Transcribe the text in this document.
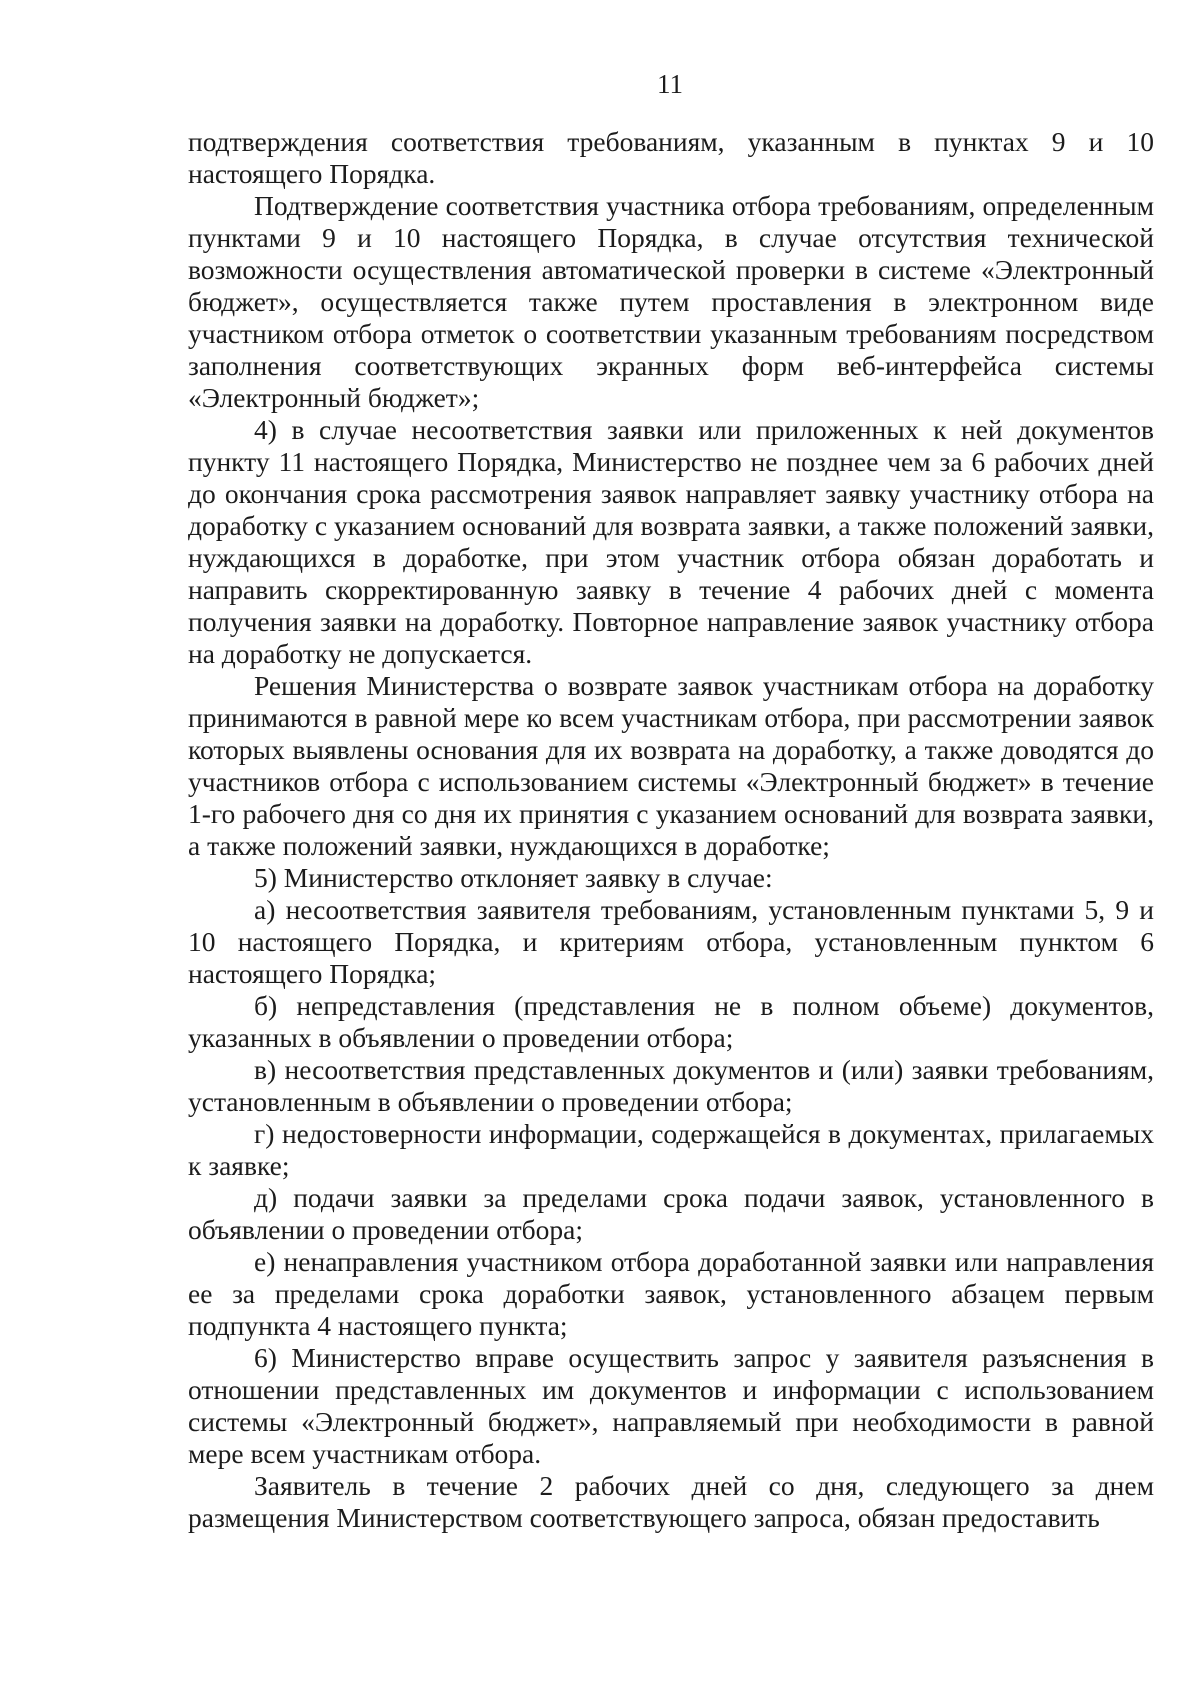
11

подтверждения соответствия требованиям, указанным в пунктах 9 и 10 настоящего Порядка.

Подтверждение соответствия участника отбора требованиям, определенным пунктами 9 и 10 настоящего Порядка, в случае отсутствия технической возможности осуществления автоматической проверки в системе «Электронный бюджет», осуществляется также путем проставления в электронном виде участником отбора отметок о соответствии указанным требованиям посредством заполнения соответствующих экранных форм веб-интерфейса системы «Электронный бюджет»;

4) в случае несоответствия заявки или приложенных к ней документов пункту 11 настоящего Порядка, Министерство не позднее чем за 6 рабочих дней до окончания срока рассмотрения заявок направляет заявку участнику отбора на доработку с указанием оснований для возврата заявки, а также положений заявки, нуждающихся в доработке, при этом участник отбора обязан доработать и направить скорректированную заявку в течение 4 рабочих дней с момента получения заявки на доработку. Повторное направление заявок участнику отбора на доработку не допускается.

Решения Министерства о возврате заявок участникам отбора на доработку принимаются в равной мере ко всем участникам отбора, при рассмотрении заявок которых выявлены основания для их возврата на доработку, а также доводятся до участников отбора с использованием системы «Электронный бюджет» в течение 1-го рабочего дня со дня их принятия с указанием оснований для возврата заявки, а также положений заявки, нуждающихся в доработке;

5) Министерство отклоняет заявку в случае:

а) несоответствия заявителя требованиям, установленным пунктами 5, 9 и 10 настоящего Порядка, и критериям отбора, установленным пунктом 6 настоящего Порядка;

б) непредставления (представления не в полном объеме) документов, указанных в объявлении о проведении отбора;

в) несоответствия представленных документов и (или) заявки требованиям, установленным в объявлении о проведении отбора;

г) недостоверности информации, содержащейся в документах, прилагаемых к заявке;

д) подачи заявки за пределами срока подачи заявок, установленного в объявлении о проведении отбора;

е) ненаправления участником отбора доработанной заявки или направления ее за пределами срока доработки заявок, установленного абзацем первым подпункта 4 настоящего пункта;

6) Министерство вправе осуществить запрос у заявителя разъяснения в отношении представленных им документов и информации с использованием системы «Электронный бюджет», направляемый при необходимости в равной мере всем участникам отбора.

Заявитель в течение 2 рабочих дней со дня, следующего за днем размещения Министерством соответствующего запроса, обязан предоставить
